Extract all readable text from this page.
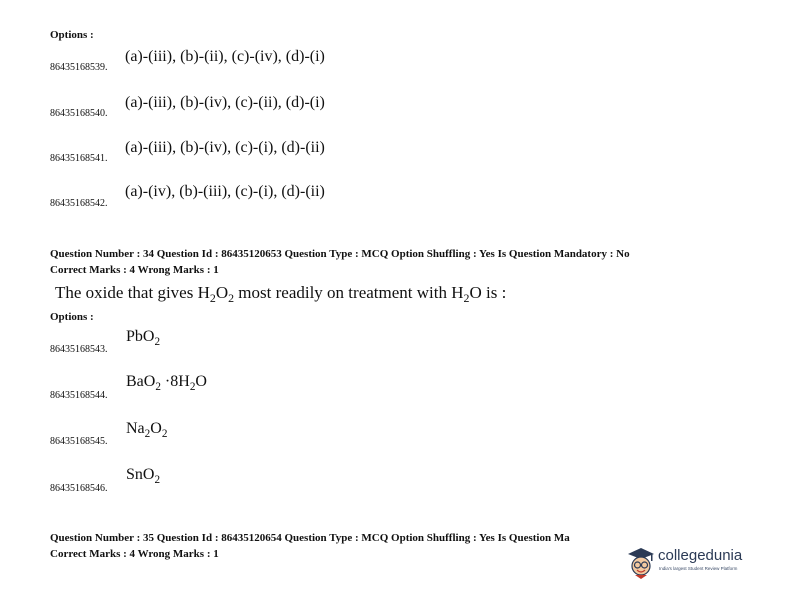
Options :
86435168539.
(a)-(iii), (b)-(ii), (c)-(iv), (d)-(i)
86435168540.
(a)-(iii), (b)-(iv), (c)-(ii), (d)-(i)
86435168541.
(a)-(iii), (b)-(iv), (c)-(i), (d)-(ii)
86435168542.
(a)-(iv), (b)-(iii), (c)-(i), (d)-(ii)
Question Number : 34 Question Id : 86435120653 Question Type : MCQ Option Shuffling : Yes Is Question Mandatory : No
Correct Marks : 4 Wrong Marks : 1
The oxide that gives $H_2O_2$ most readily on treatment with $H_2O$ is :
Options :
86435168543.
PbO$_2$
86435168544.
$BaO_2 \cdot 8H_2O$
86435168545.
$Na_2O_2$
86435168546.
SnO$_2$
Question Number : 35 Question Id : 86435120654 Question Type : MCQ Option Shuffling : Yes Is Question Ma
Correct Marks : 4 Wrong Marks : 1	collegedunia
India's largest Student Review Platform
